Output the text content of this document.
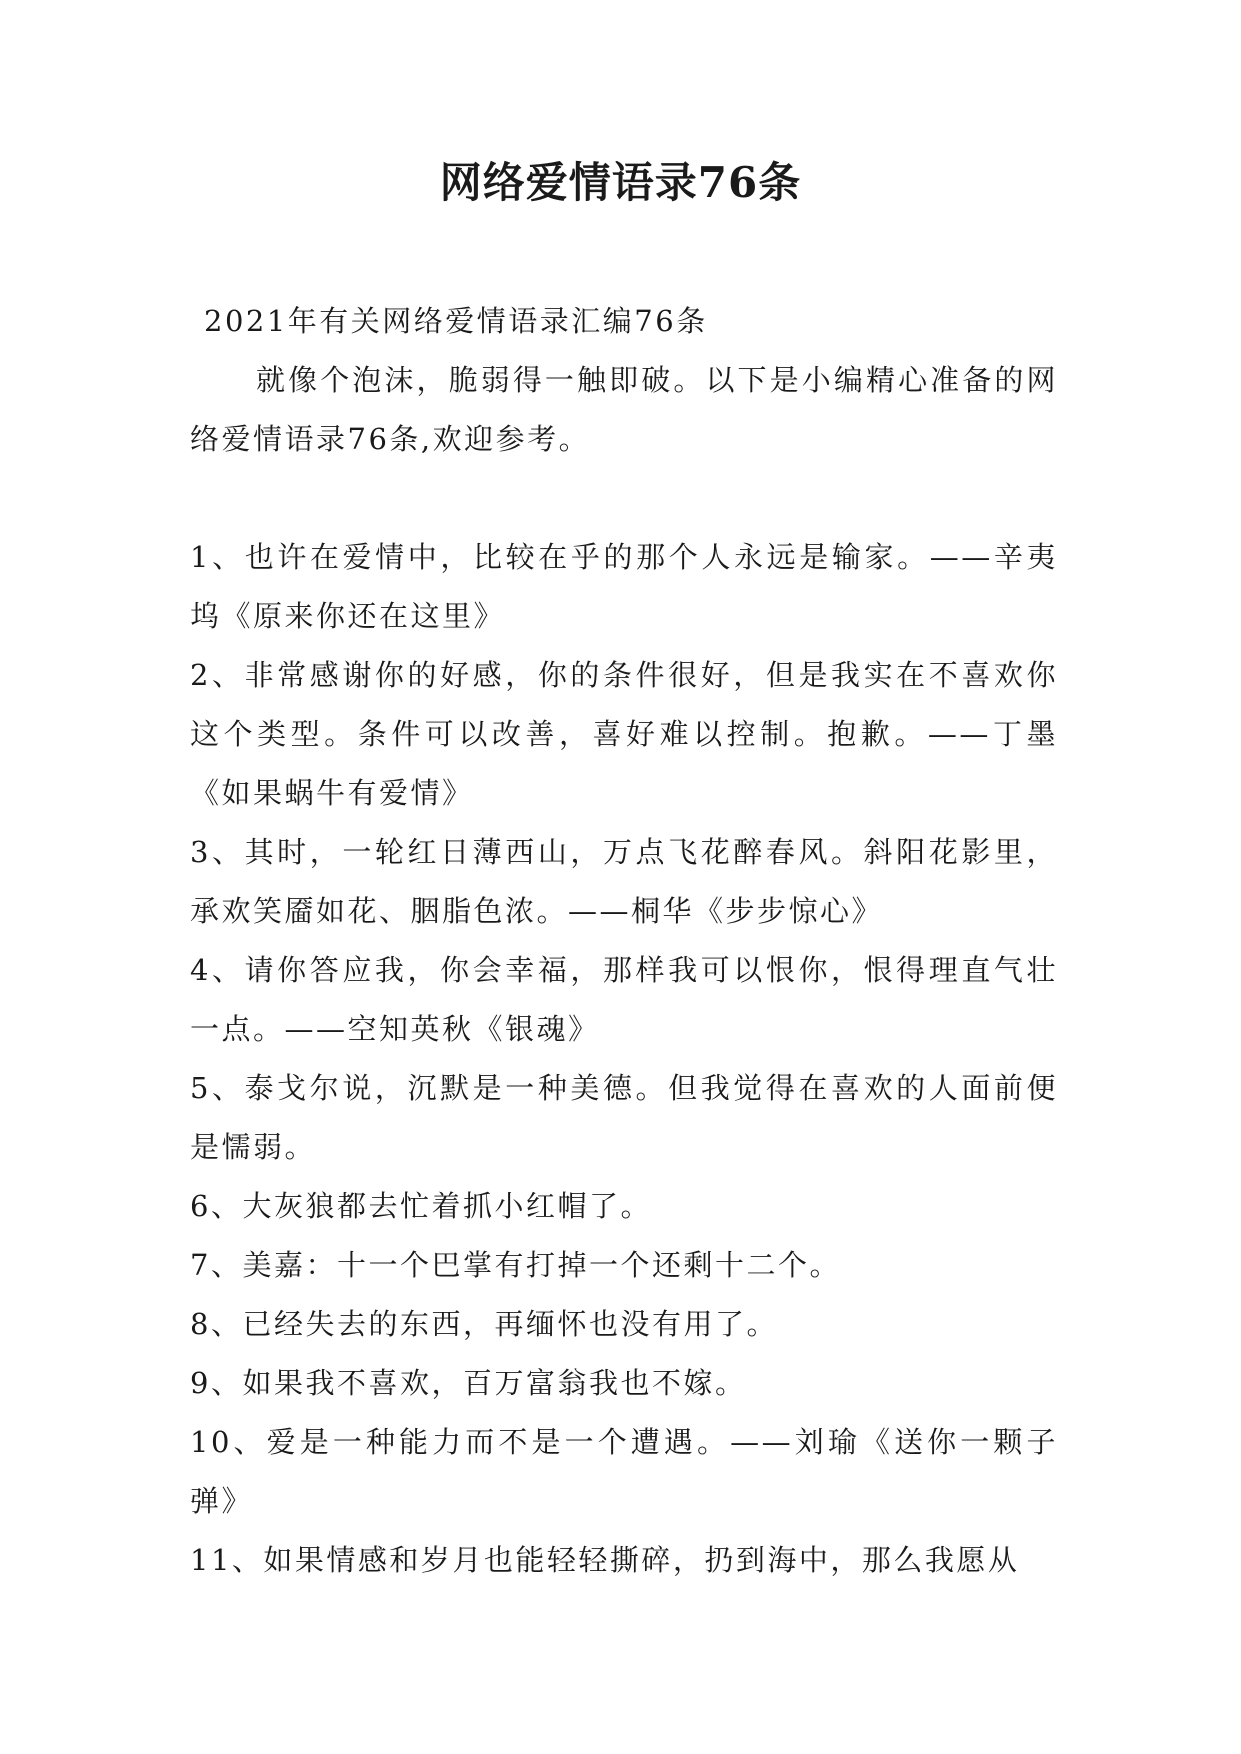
网络爱情语录76条

2021年有关网络爱情语录汇编76条

就像个泡沫，脆弱得一触即破。以下是小编精心准备的网络爱情语录76条,欢迎参考。

1、也许在爱情中，比较在乎的那个人永远是输家。——辛夷坞《原来你还在这里》

2、非常感谢你的好感，你的条件很好，但是我实在不喜欢你这个类型。条件可以改善，喜好难以控制。抱歉。——丁墨《如果蜗牛有爱情》

3、其时，一轮红日薄西山，万点飞花醉春风。斜阳花影里，承欢笑靥如花、胭脂色浓。——桐华《步步惊心》

4、请你答应我，你会幸福，那样我可以恨你，恨得理直气壮一点。——空知英秋《银魂》

5、泰戈尔说，沉默是一种美德。但我觉得在喜欢的人面前便是懦弱。

6、大灰狼都去忙着抓小红帽了。

7、美嘉：十一个巴掌有打掉一个还剩十二个。

8、已经失去的东西，再缅怀也没有用了。

9、如果我不喜欢，百万富翁我也不嫁。

10、爱是一种能力而不是一个遭遇。——刘瑜《送你一颗子弹》

11、如果情感和岁月也能轻轻撕碎，扔到海中，那么我愿从
